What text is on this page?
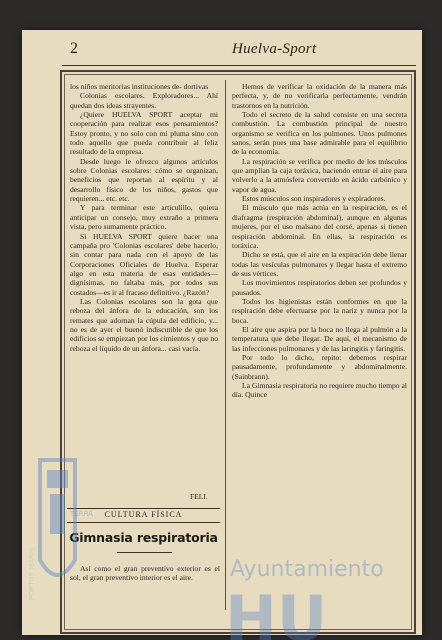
2	Huelva-Sport

los niños meritorias instituciones de- dortivas

Colonias escolares. Exploradores... Ahí quedan dos ideas strayentes.

¿Quiere HUELVA SPORT aceptar mi cooperación para realizar esos pensamientos? Estoy pronto, y no solo con mi pluma sino con todo aquello que pueda contribuir al feliz resultado de la empresa.

Desde luego le ofrezco algunos artículos sobre Colonias escolares: cómo se organizan, beneficios que reportan al espíritu y al desarrollo físico de los niños, gastos que requieren... etc. etc.

Y para terminar este articulillo, quiera anticipar un consejo, muy extraño a primera vista, pero sumamente práctico.

Si HUELVA SPORT quiere hacer una campaña pro 'Colonias escolares' debe hacerlo, sin contar para nada con el apoyo de las Corporaciones Oficiales de Huelva. Esperar algo en esta materia de esas entidades—dignísimas, no faltaba más, por todos sus costados—es ir al fracaso definitivo. ¿Razón?

Las Colonias escolares son la gota que reboza del ánfora de la educación, son los remates que adornan la cúpula del edificio, y... no es de ayer el buenó indiscutible de que los edificios se empiezan por los cimientos y que no reboza el líquido de un ánfora... casi vacía.

FELI.
CULTURA FÍSICA
Gimnasia respiratoria
Así como el gran preventivo exterior es el sol, el gran preventivo interior es el aire.

Hemos de verificar la oxidación de la manera más perfecta, y, de no verificarla perfectamente, vendrán trastornos en la nutrición.

Todo el secreto de la salud consiste en una secreta combustión. La combustión principal de nuestro organismo se verifica en los pulmones. Unos pulmones sanos, serán pues una base admirable para el equilibrio de la economía.

La respiración se verifica por medio de los músculos que amplían la caja toráxica, haciendo entrar el aire para volverlo a la atmósfera convertido en ácido carbónico y vapor de agua.

Estos músculos son inspiradores y expiradores.

El músculo que más actúa en la respiración, es el diafragma (respiración abdominal), aunque en algunas mujeres, por el uso malsano del corsé, apenas si tienen respiración abdominal. En ellas, la respiración es toráxica.

Dicho se está, que el aire en la expiración debe llenar todas las vesículas pulmonares y llegar hasta el extremo de sus vértices.

Los movimientos respiratorios deben ser profundos y pausados.

Todos los higienistas están conformes en que la respiración debe efectuarse por la nariz y nunca por la boca.

El aire que aspira por la boca no llega al pulmón a la temperatura que debe llegar. De aquí, el mecanismo de las infecciones pulmonares y de las laringitis y faringitis.

Por todo lo dicho, repito: debemos respirar pausadamente, profundamente y abdominalmente. (Sainbrann).

La Gimnasia respiratoria no requiere mucho tiempo al día. Quince

Ayuntamiento
HU
TERRA
